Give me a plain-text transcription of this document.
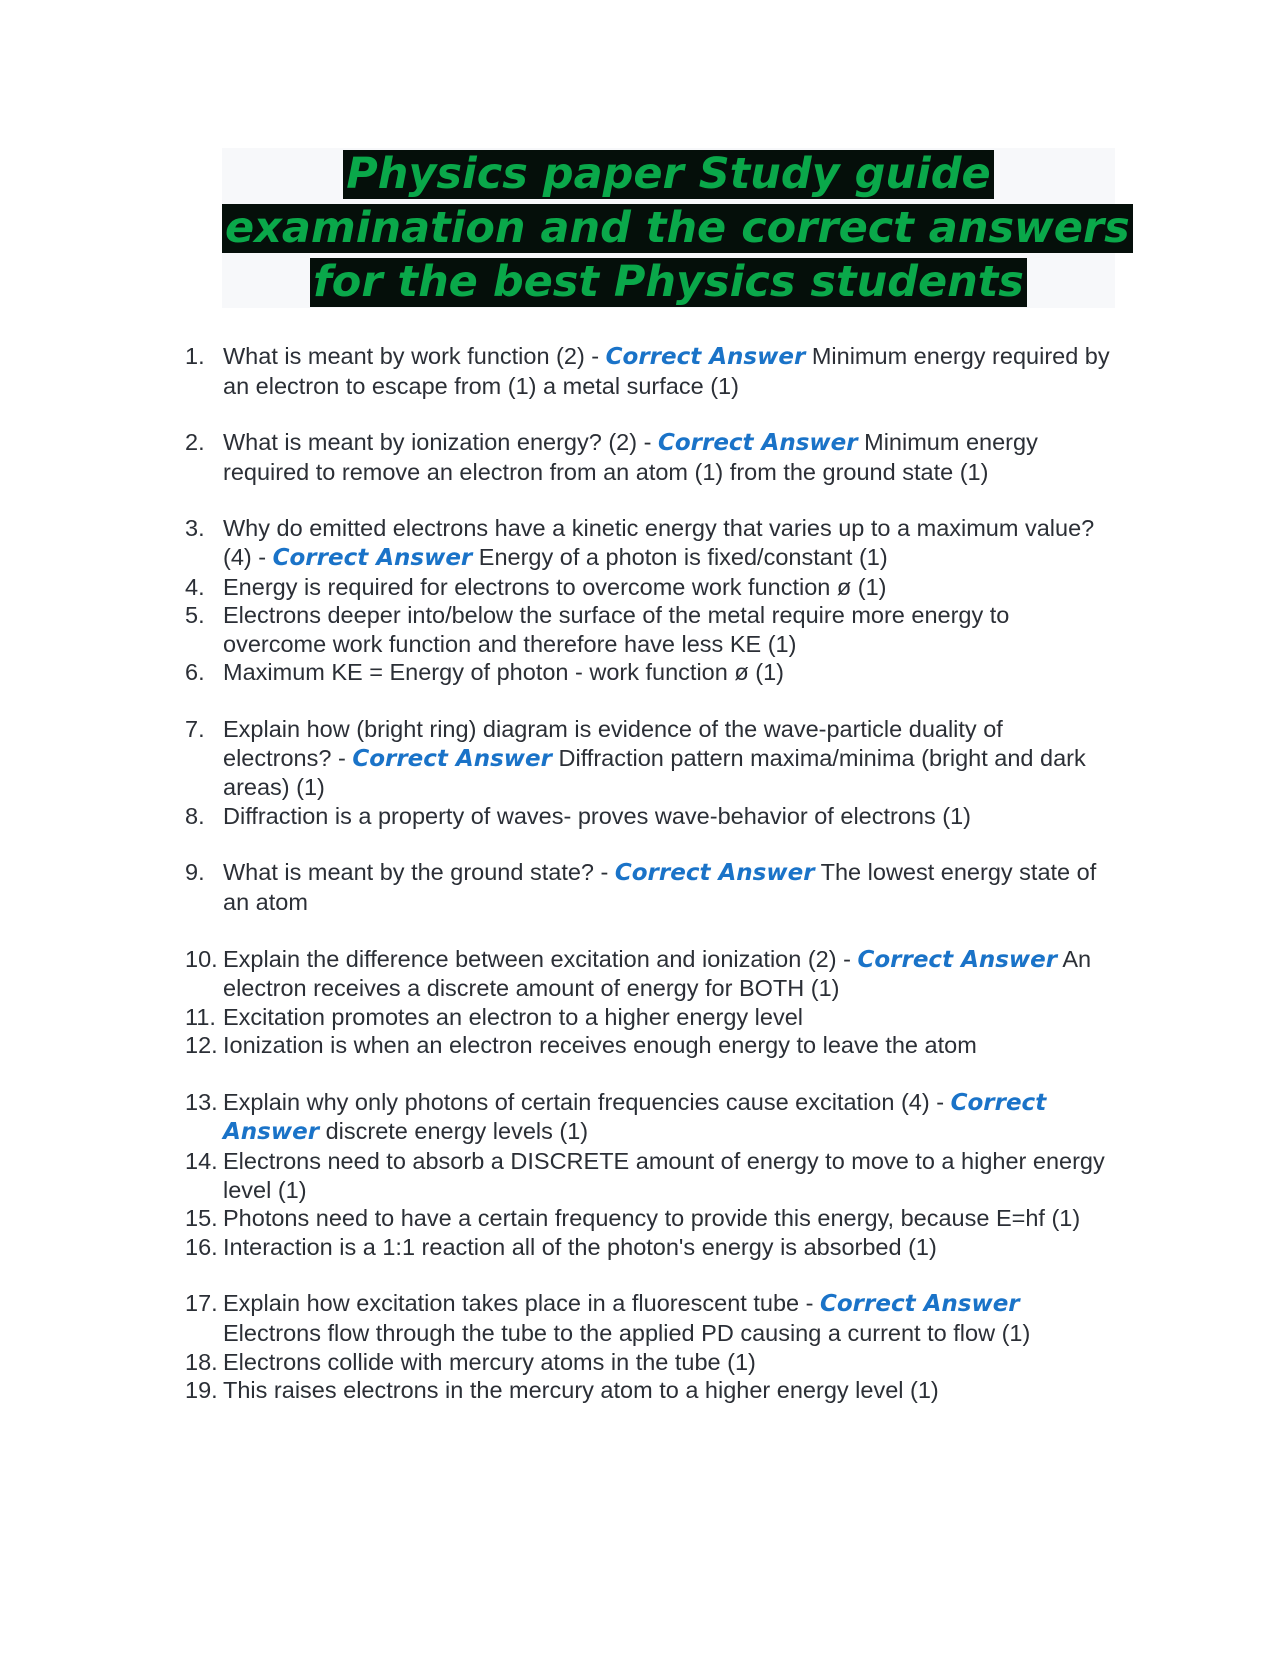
Physics paper Study guide
examination and the correct answers
for the best Physics students
1. What is meant by work function (2) - Correct Answer Minimum energy required by an electron to escape from (1) a metal surface (1)
2. What is meant by ionization energy? (2) - Correct Answer Minimum energy required to remove an electron from an atom (1) from the ground state (1)
3. Why do emitted electrons have a kinetic energy that varies up to a maximum value? (4) - Correct Answer Energy of a photon is fixed/constant (1)
4. Energy is required for electrons to overcome work function ø (1)
5. Electrons deeper into/below the surface of the metal require more energy to overcome work function and therefore have less KE (1)
6. Maximum KE = Energy of photon - work function ø (1)
7. Explain how (bright ring) diagram is evidence of the wave-particle duality of electrons? - Correct Answer Diffraction pattern maxima/minima (bright and dark areas) (1)
8. Diffraction is a property of waves- proves wave-behavior of electrons (1)
9. What is meant by the ground state? - Correct Answer The lowest energy state of an atom
10. Explain the difference between excitation and ionization (2) - Correct Answer An electron receives a discrete amount of energy for BOTH (1)
11. Excitation promotes an electron to a higher energy level
12. Ionization is when an electron receives enough energy to leave the atom
13. Explain why only photons of certain frequencies cause excitation (4) - Correct Answer discrete energy levels (1)
14. Electrons need to absorb a DISCRETE amount of energy to move to a higher energy level (1)
15. Photons need to have a certain frequency to provide this energy, because E=hf (1)
16. Interaction is a 1:1 reaction all of the photon's energy is absorbed (1)
17. Explain how excitation takes place in a fluorescent tube - Correct Answer Electrons flow through the tube to the applied PD causing a current to flow (1)
18. Electrons collide with mercury atoms in the tube (1)
19. This raises electrons in the mercury atom to a higher energy level (1)
